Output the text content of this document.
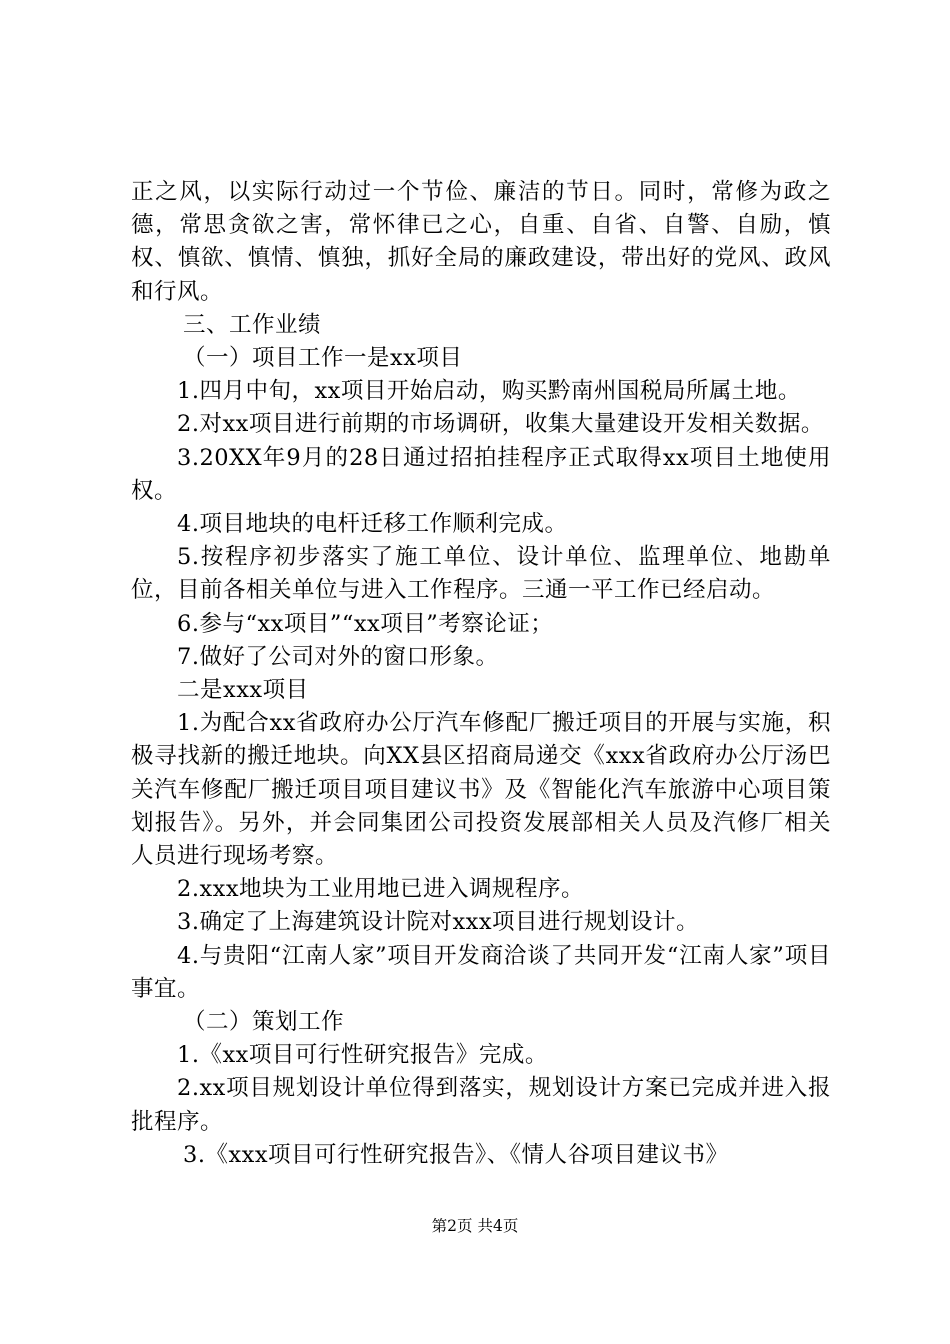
正之风，以实际行动过一个节俭、廉洁的节日。同时，常修为政之德，常思贪欲之害，常怀律已之心，自重、自省、自警、自励，慎权、慎欲、慎情、慎独，抓好全局的廉政建设，带出好的党风、政风和行风。

三、工作业绩

（一）项目工作一是xx项目

1.四月中旬，xx项目开始启动，购买黔南州国税局所属土地。

2.对xx项目进行前期的市场调研，收集大量建设开发相关数据。

3.20XX年9月的28日通过招拍挂程序正式取得xx项目土地使用权。

4.项目地块的电杆迁移工作顺利完成。

5.按程序初步落实了施工单位、设计单位、监理单位、地勘单位，目前各相关单位与进入工作程序。三通一平工作已经启动。

6.参与“xx项目”“xx项目”考察论证；

7.做好了公司对外的窗口形象。

二是xxx项目

1.为配合xx省政府办公厅汽车修配厂搬迁项目的开展与实施，积极寻找新的搬迁地块。向XX县区招商局递交《xxx省政府办公厅汤巴关汽车修配厂搬迁项目项目建议书》及《智能化汽车旅游中心项目策划报告》。另外，并会同集团公司投资发展部相关人员及汽修厂相关人员进行现场考察。

2.xxx地块为工业用地已进入调规程序。

3.确定了上海建筑设计院对xxx项目进行规划设计。

4.与贵阳“江南人家”项目开发商洽谈了共同开发“江南人家”项目事宜。

（二）策划工作

1.《xx项目可行性研究报告》完成。

2.xx项目规划设计单位得到落实，规划设计方案已完成并进入报批程序。

3.《xxx项目可行性研究报告》、《情人谷项目建议书》

第2页 共4页
